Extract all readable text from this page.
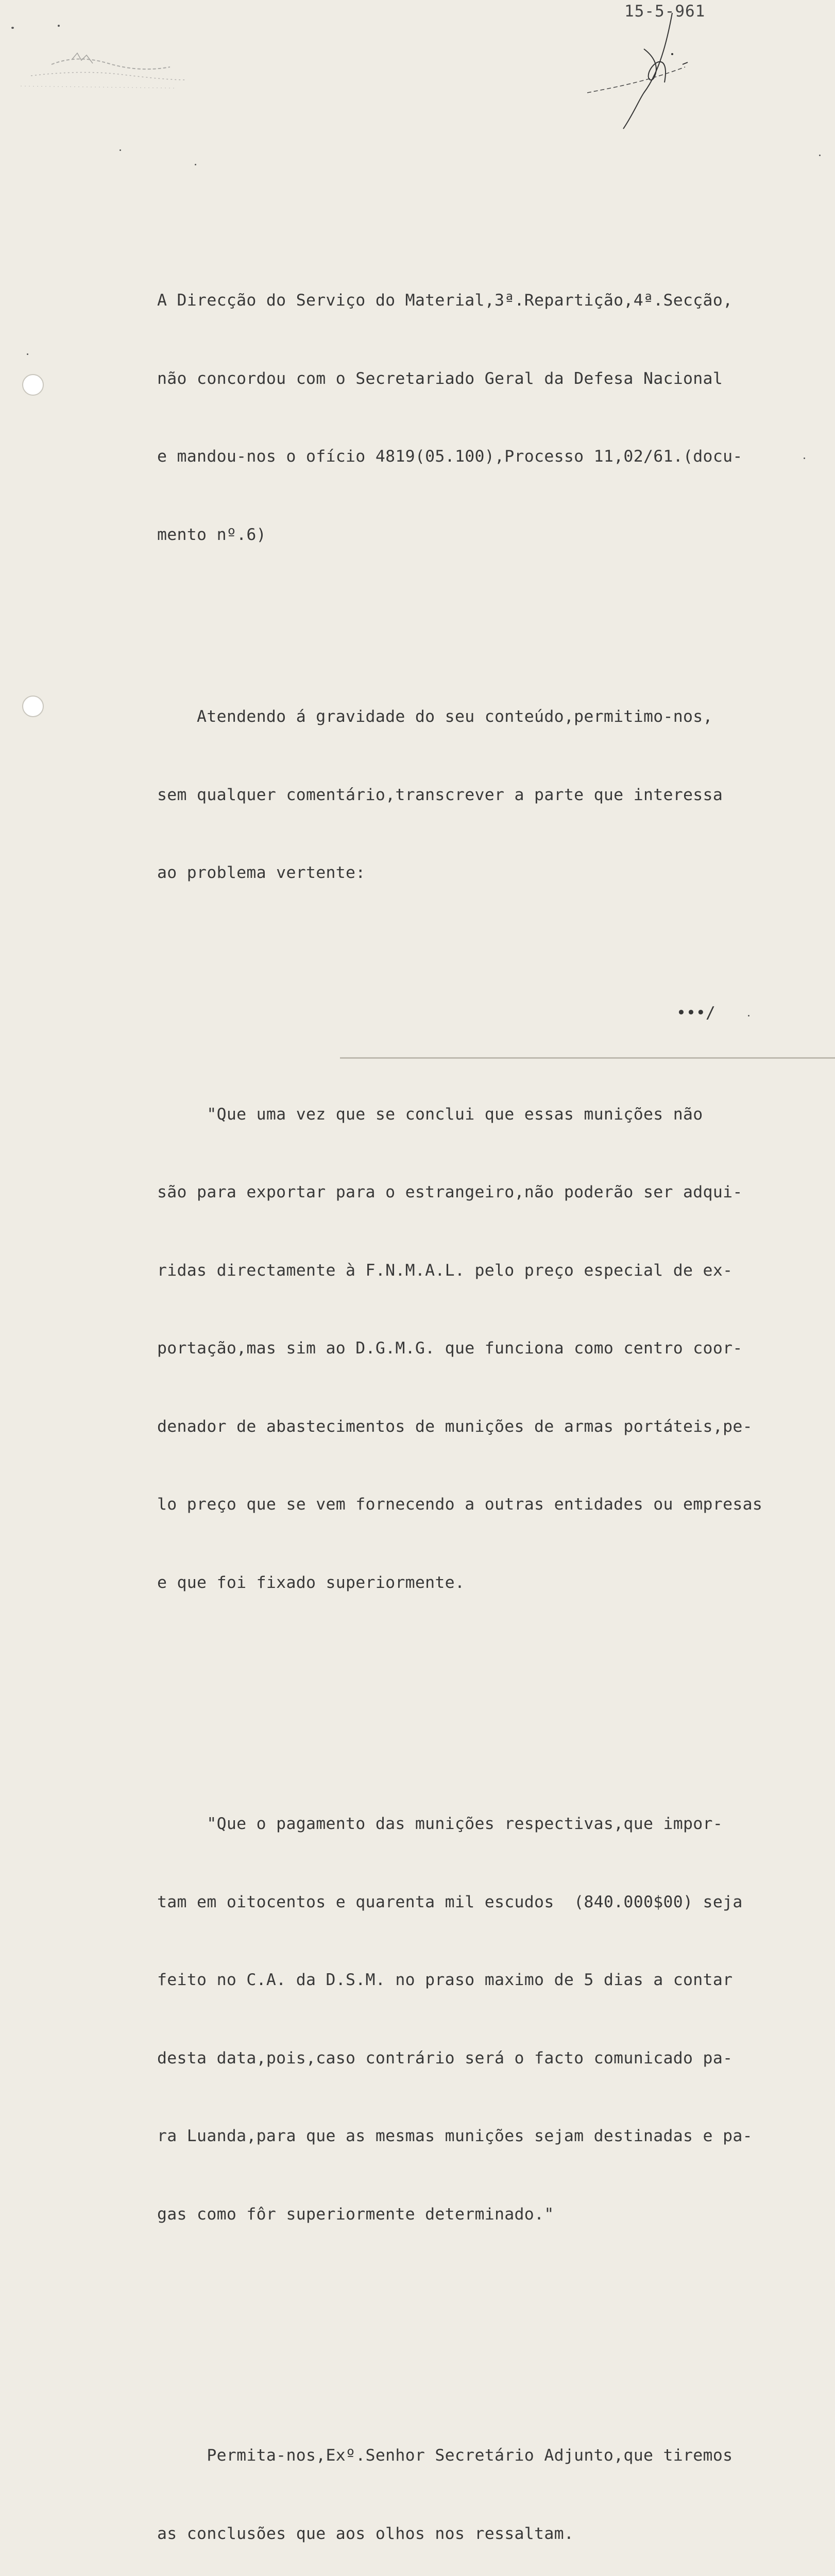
15-5-961

A Direcção do Serviço do Material,3ª.Repartição,4ª.Secção,

não concordou com o Secretariado Geral da Defesa Nacional

e mandou-nos o ofício 4819(05.100),Processo 11,02/61.(docu-

mento nº.6)

Atendendo á gravidade do seu conteúdo,permitimo-nos,

sem qualquer comentário,transcrever a parte que interessa

ao problema vertente:

"Que uma vez que se conclui que essas munições não

são para exportar para o estrangeiro,não poderão ser adqui-

ridas directamente à F.N.M.A.L. pelo preço especial de ex-

portação,mas sim ao D.G.M.G. que funciona como centro coor-

denador de abastecimentos de munições de armas portáteis,pe-

lo preço que se vem fornecendo a outras entidades ou empresas

e que foi fixado superiormente.

"Que o pagamento das munições respectivas,que impor-

tam em oitocentos e quarenta mil escudos  (840.000$00) seja

feito no C.A. da D.S.M. no praso maximo de 5 dias a contar

desta data,pois,caso contrário será o facto comunicado pa-

ra Luanda,para que as mesmas munições sejam destinadas e pa-

gas como fôr superiormente determinado."

Permita-nos,Exº.Senhor Secretário Adjunto,que tiremos

as conclusões que aos olhos nos ressaltam.

•••/
